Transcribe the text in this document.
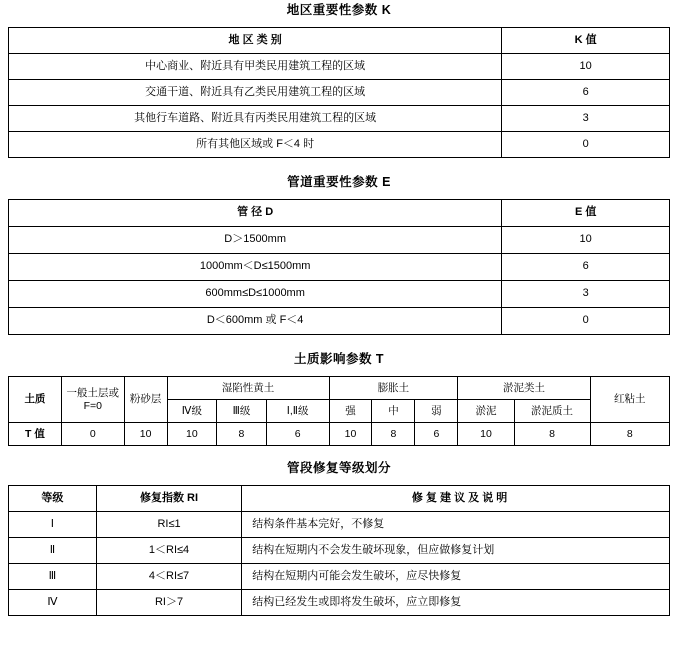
地区重要性参数 K
地 区 类 别	K 值
中心商业、附近具有甲类民用建筑工程的区域	10
交通干道、附近具有乙类民用建筑工程的区域	6
其他行车道路、附近具有丙类民用建筑工程的区域	3
所有其他区域或 F＜4 时	0
管道重要性参数 E
管 径 D	E 值
D＞1500mm	10
1000mm＜D≤1500mm	6
600mm≤D≤1000mm	3
D＜600mm 或 F＜4	0
土质影响参数 T
土质	一般土层或 F=0	粉砂层	湿陷性黄土			膨胀土			淤泥类土		红粘土
			Ⅳ级	Ⅲ级	Ⅰ,Ⅱ级	强	中	弱	淤泥	淤泥质土	
T 值	0	10	10	8	6	10	8	6	10	8	8
管段修复等级划分
等级	修复指数 RI	修 复 建 议 及 说 明
Ⅰ	RI≤1	结构条件基本完好，不修复
Ⅱ	1＜RI≤4	结构在短期内不会发生破坏现象，但应做修复计划
Ⅲ	4＜RI≤7	结构在短期内可能会发生破坏，应尽快修复
Ⅳ	RI＞7	结构已经发生或即将发生破坏，应立即修复
